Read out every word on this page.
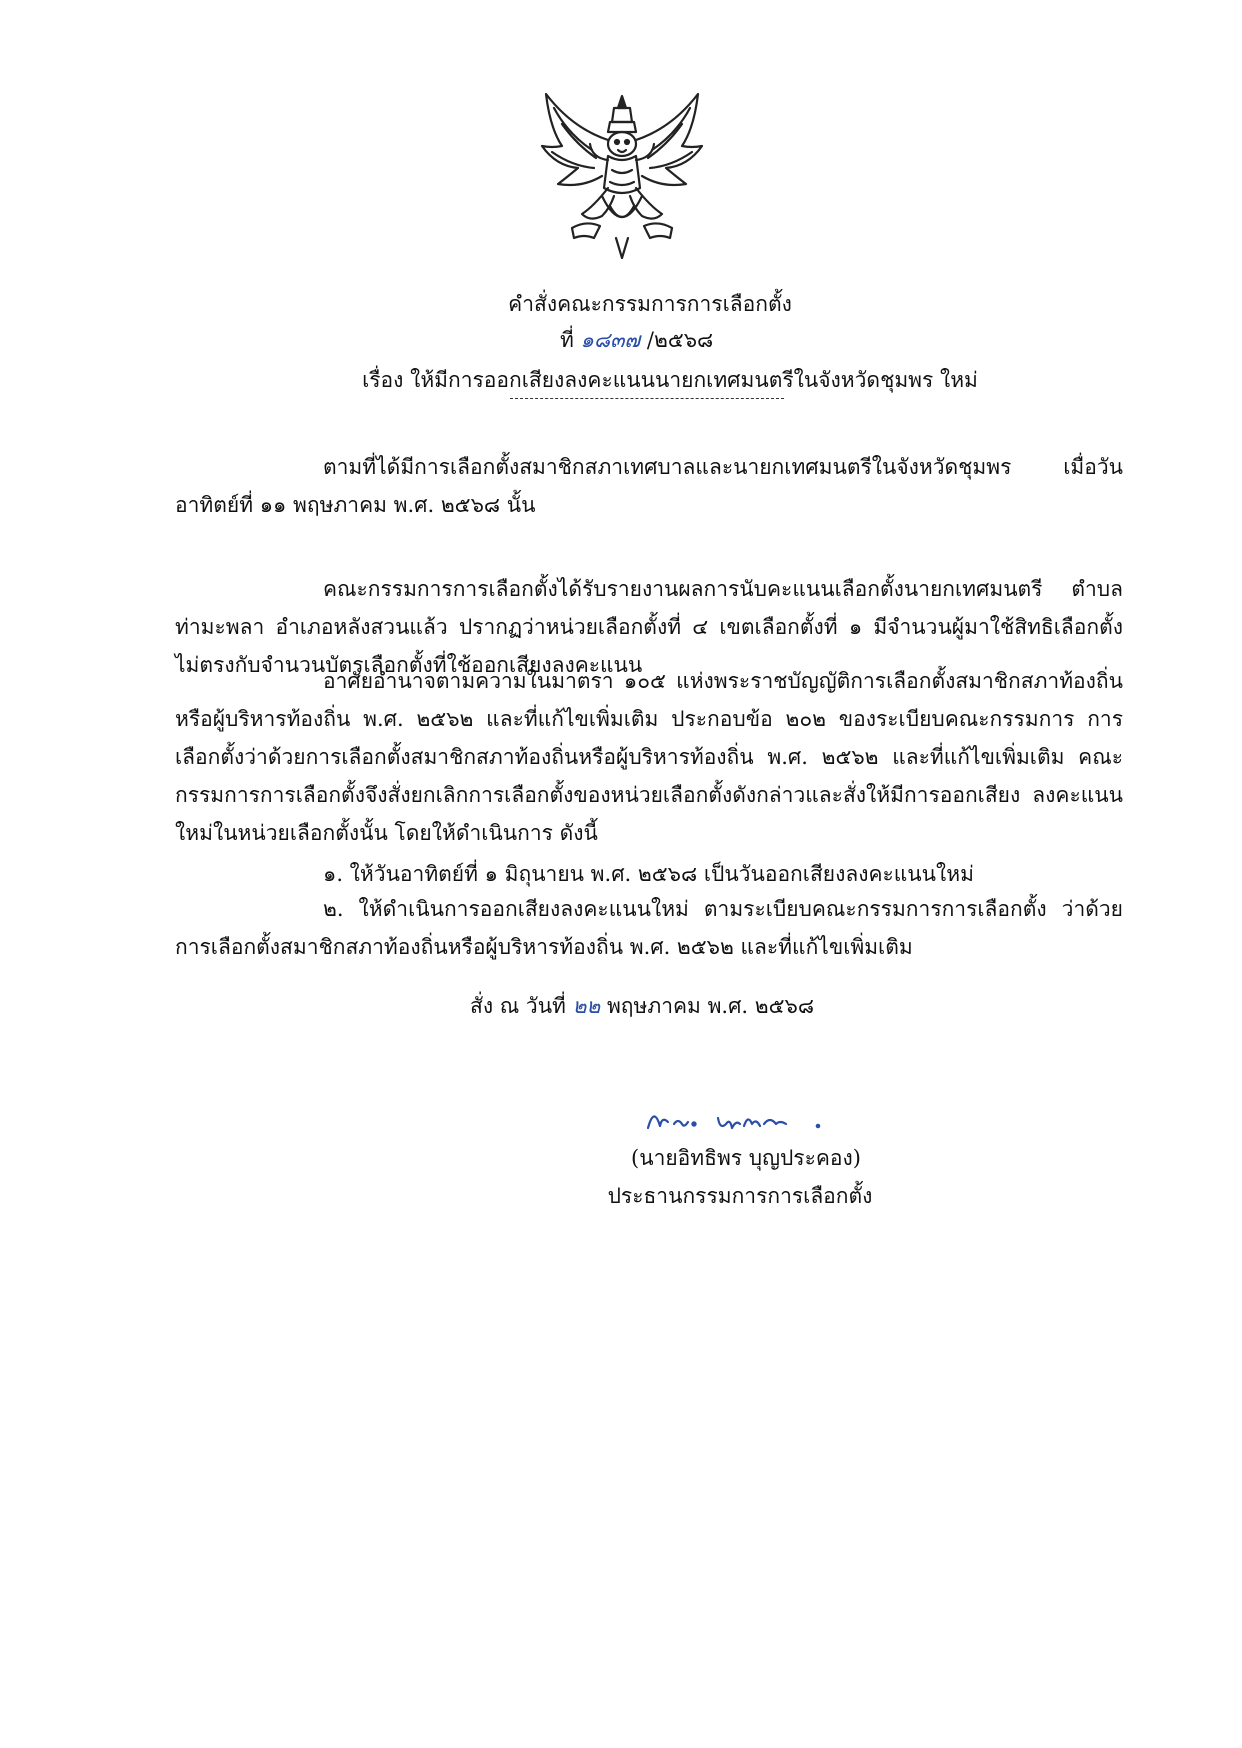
คำสั่งคณะกรรมการการเลือกตั้ง
ที่ ๑๘๓๗ /๒๕๖๘
เรื่อง ให้มีการออกเสียงลงคะแนนนายกเทศมนตรีในจังหวัดชุมพร ใหม่
ตามที่ได้มีการเลือกตั้งสมาชิกสภาเทศบาลและนายกเทศมนตรีในจังหวัดชุมพร เมื่อวันอาทิตย์ที่ ๑๑ พฤษภาคม พ.ศ. ๒๕๖๘ นั้น
คณะกรรมการการเลือกตั้งได้รับรายงานผลการนับคะแนนเลือกตั้งนายกเทศมนตรี ตำบลท่ามะพลา อำเภอหลังสวนแล้ว ปรากฏว่าหน่วยเลือกตั้งที่ ๔ เขตเลือกตั้งที่ ๑ มีจำนวนผู้มาใช้สิทธิเลือกตั้ง ไม่ตรงกับจำนวนบัตรเลือกตั้งที่ใช้ออกเสียงลงคะแนน
อาศัยอำนาจตามความในมาตรา ๑๐๕ แห่งพระราชบัญญัติการเลือกตั้งสมาชิกสภาท้องถิ่น หรือผู้บริหารท้องถิ่น พ.ศ. ๒๕๖๒ และที่แก้ไขเพิ่มเติม ประกอบข้อ ๒๐๒ ของระเบียบคณะกรรมการ การเลือกตั้งว่าด้วยการเลือกตั้งสมาชิกสภาท้องถิ่นหรือผู้บริหารท้องถิ่น พ.ศ. ๒๕๖๒ และที่แก้ไขเพิ่มเติม คณะกรรมการการเลือกตั้งจึงสั่งยกเลิกการเลือกตั้งของหน่วยเลือกตั้งดังกล่าวและสั่งให้มีการออกเสียง ลงคะแนนใหม่ในหน่วยเลือกตั้งนั้น โดยให้ดำเนินการ ดังนี้
๑. ให้วันอาทิตย์ที่ ๑ มิถุนายน พ.ศ. ๒๕๖๘ เป็นวันออกเสียงลงคะแนนใหม่
๒. ให้ดำเนินการออกเสียงลงคะแนนใหม่ ตามระเบียบคณะกรรมการการเลือกตั้ง ว่าด้วยการเลือกตั้งสมาชิกสภาท้องถิ่นหรือผู้บริหารท้องถิ่น พ.ศ. ๒๕๖๒ และที่แก้ไขเพิ่มเติม
สั่ง ณ วันที่ ๒๒ พฤษภาคม พ.ศ. ๒๕๖๘
(นายอิทธิพร บุญประคอง)
ประธานกรรมการการเลือกตั้ง
